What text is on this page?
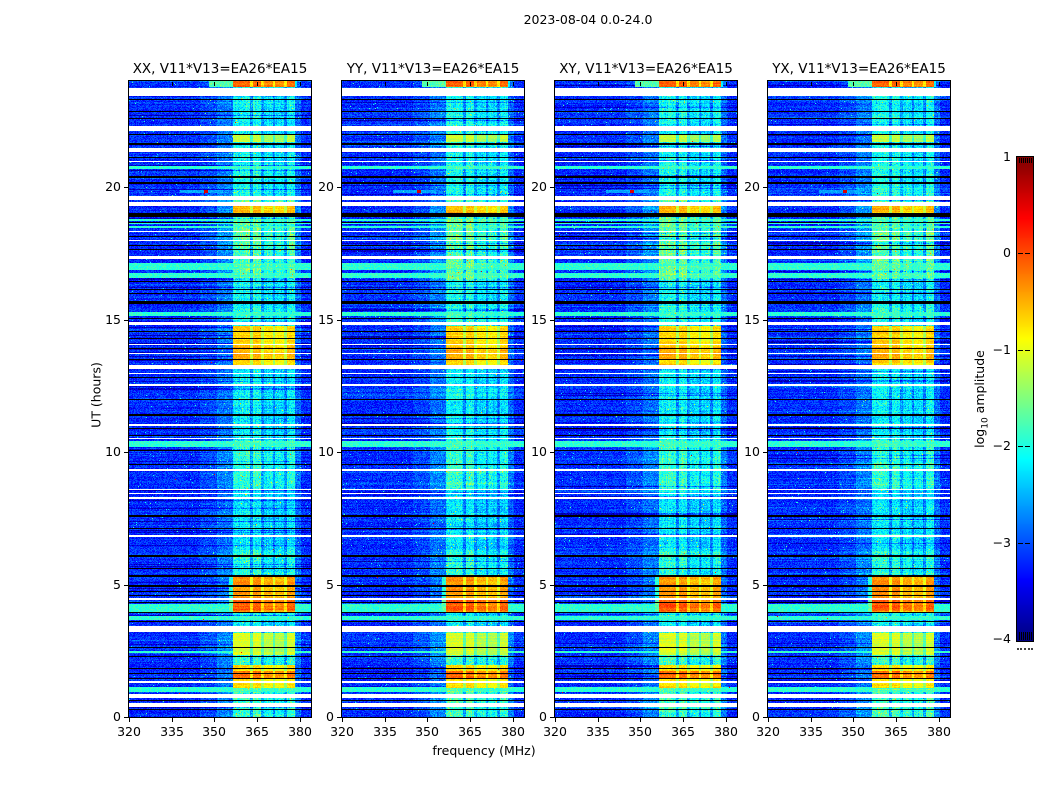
2023-08-04 0.0-24.0
UT (hours)
frequency (MHz)
$\log_{10}$ amplitude
XX, V11*V13=EA26*EA15
320	335	350	365	380
0
5
10
15
20
YY, V11*V13=EA26*EA15
320	335	350	365	380
0
5
10
15
20
XY, V11*V13=EA26*EA15
320	335	350	365	380
0
5
10
15
20
YX, V11*V13=EA26*EA15
320	335	350	365	380
0
5
10
15
20
1
0
−1
−2
−3
−4
